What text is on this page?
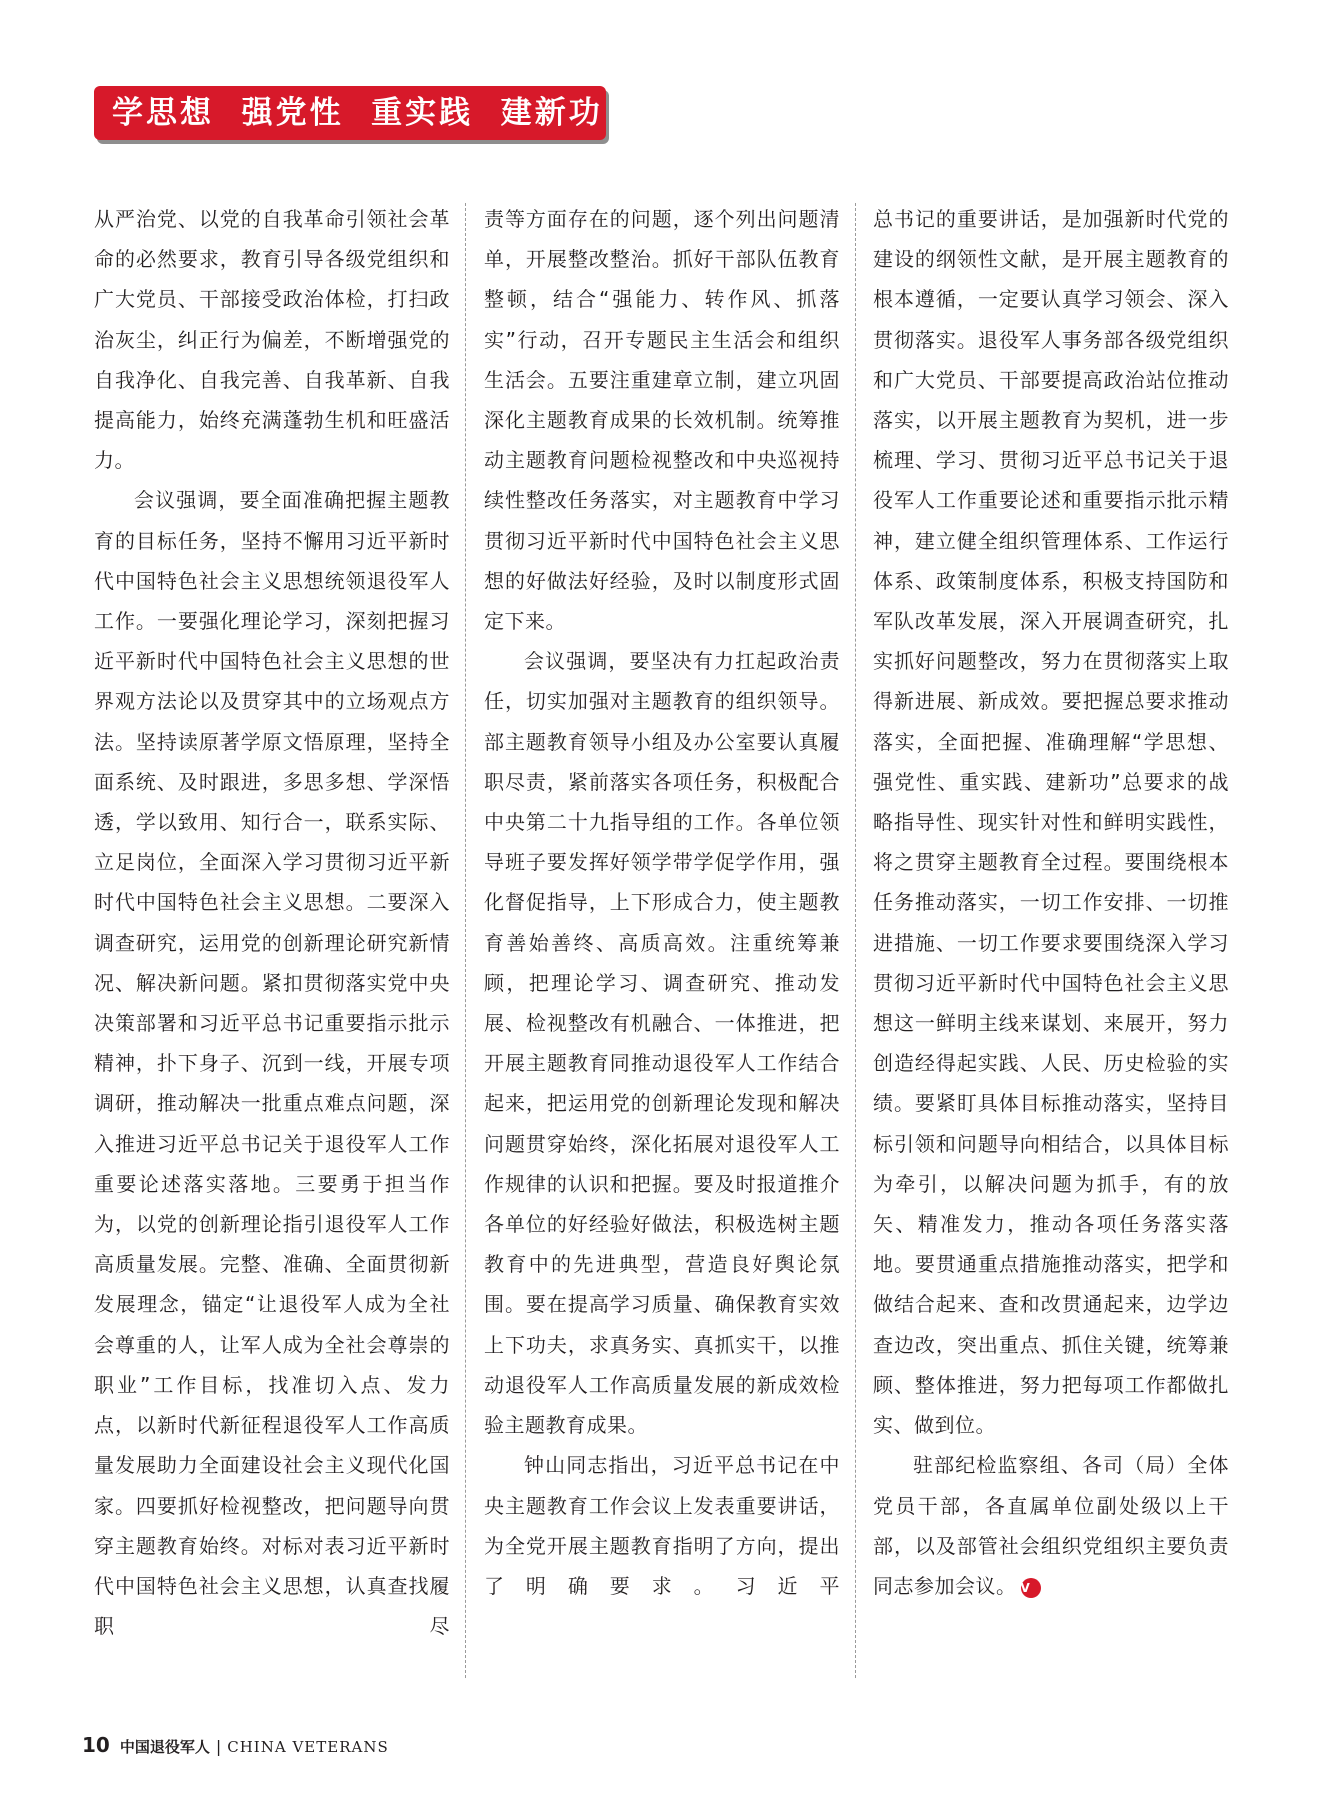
学思想  强党性  重实践  建新功

从严治党、以党的自我革命引领社会革命的必然要求，教育引导各级党组织和广大党员、干部接受政治体检，打扫政治灰尘，纠正行为偏差，不断增强党的自我净化、自我完善、自我革新、自我提高能力，始终充满蓬勃生机和旺盛活力。

会议强调，要全面准确把握主题教育的目标任务，坚持不懈用习近平新时代中国特色社会主义思想统领退役军人工作。一要强化理论学习，深刻把握习近平新时代中国特色社会主义思想的世界观方法论以及贯穿其中的立场观点方法。坚持读原著学原文悟原理，坚持全面系统、及时跟进，多思多想、学深悟透，学以致用、知行合一，联系实际、立足岗位，全面深入学习贯彻习近平新时代中国特色社会主义思想。二要深入调查研究，运用党的创新理论研究新情况、解决新问题。紧扣贯彻落实党中央决策部署和习近平总书记重要指示批示精神，扑下身子、沉到一线，开展专项调研，推动解决一批重点难点问题，深入推进习近平总书记关于退役军人工作重要论述落实落地。三要勇于担当作为，以党的创新理论指引退役军人工作高质量发展。完整、准确、全面贯彻新发展理念，锚定“让退役军人成为全社会尊重的人，让军人成为全社会尊崇的职业”工作目标，找准切入点、发力点，以新时代新征程退役军人工作高质量发展助力全面建设社会主义现代化国家。四要抓好检视整改，把问题导向贯穿主题教育始终。对标对表习近平新时代中国特色社会主义思想，认真查找履职尽

责等方面存在的问题，逐个列出问题清单，开展整改整治。抓好干部队伍教育整顿，结合“强能力、转作风、抓落实”行动，召开专题民主生活会和组织生活会。五要注重建章立制，建立巩固深化主题教育成果的长效机制。统筹推动主题教育问题检视整改和中央巡视持续性整改任务落实，对主题教育中学习贯彻习近平新时代中国特色社会主义思想的好做法好经验，及时以制度形式固定下来。

会议强调，要坚决有力扛起政治责任，切实加强对主题教育的组织领导。部主题教育领导小组及办公室要认真履职尽责，紧前落实各项任务，积极配合中央第二十九指导组的工作。各单位领导班子要发挥好领学带学促学作用，强化督促指导，上下形成合力，使主题教育善始善终、高质高效。注重统筹兼顾，把理论学习、调查研究、推动发展、检视整改有机融合、一体推进，把开展主题教育同推动退役军人工作结合起来，把运用党的创新理论发现和解决问题贯穿始终，深化拓展对退役军人工作规律的认识和把握。要及时报道推介各单位的好经验好做法，积极选树主题教育中的先进典型，营造良好舆论氛围。要在提高学习质量、确保教育实效上下功夫，求真务实、真抓实干，以推动退役军人工作高质量发展的新成效检验主题教育成果。

钟山同志指出，习近平总书记在中央主题教育工作会议上发表重要讲话，为全党开展主题教育指明了方向，提出了明确要求。习近平

总书记的重要讲话，是加强新时代党的建设的纲领性文献，是开展主题教育的根本遵循，一定要认真学习领会、深入贯彻落实。退役军人事务部各级党组织和广大党员、干部要提高政治站位推动落实，以开展主题教育为契机，进一步梳理、学习、贯彻习近平总书记关于退役军人工作重要论述和重要指示批示精神，建立健全组织管理体系、工作运行体系、政策制度体系，积极支持国防和军队改革发展，深入开展调查研究，扎实抓好问题整改，努力在贯彻落实上取得新进展、新成效。要把握总要求推动落实，全面把握、准确理解“学思想、强党性、重实践、建新功”总要求的战略指导性、现实针对性和鲜明实践性，将之贯穿主题教育全过程。要围绕根本任务推动落实，一切工作安排、一切推进措施、一切工作要求要围绕深入学习贯彻习近平新时代中国特色社会主义思想这一鲜明主线来谋划、来展开，努力创造经得起实践、人民、历史检验的实绩。要紧盯具体目标推动落实，坚持目标引领和问题导向相结合，以具体目标为牵引，以解决问题为抓手，有的放矢、精准发力，推动各项任务落实落地。要贯通重点措施推动落实，把学和做结合起来、查和改贯通起来，边学边查边改，突出重点、抓住关键，统筹兼顾、整体推进，努力把每项工作都做扎实、做到位。

驻部纪检监察组、各司（局）全体党员干部，各直属单位副处级以上干部，以及部管社会组织党组织主要负责同志参加会议。 V

10 中国退役军人 | CHINA VETERANS
